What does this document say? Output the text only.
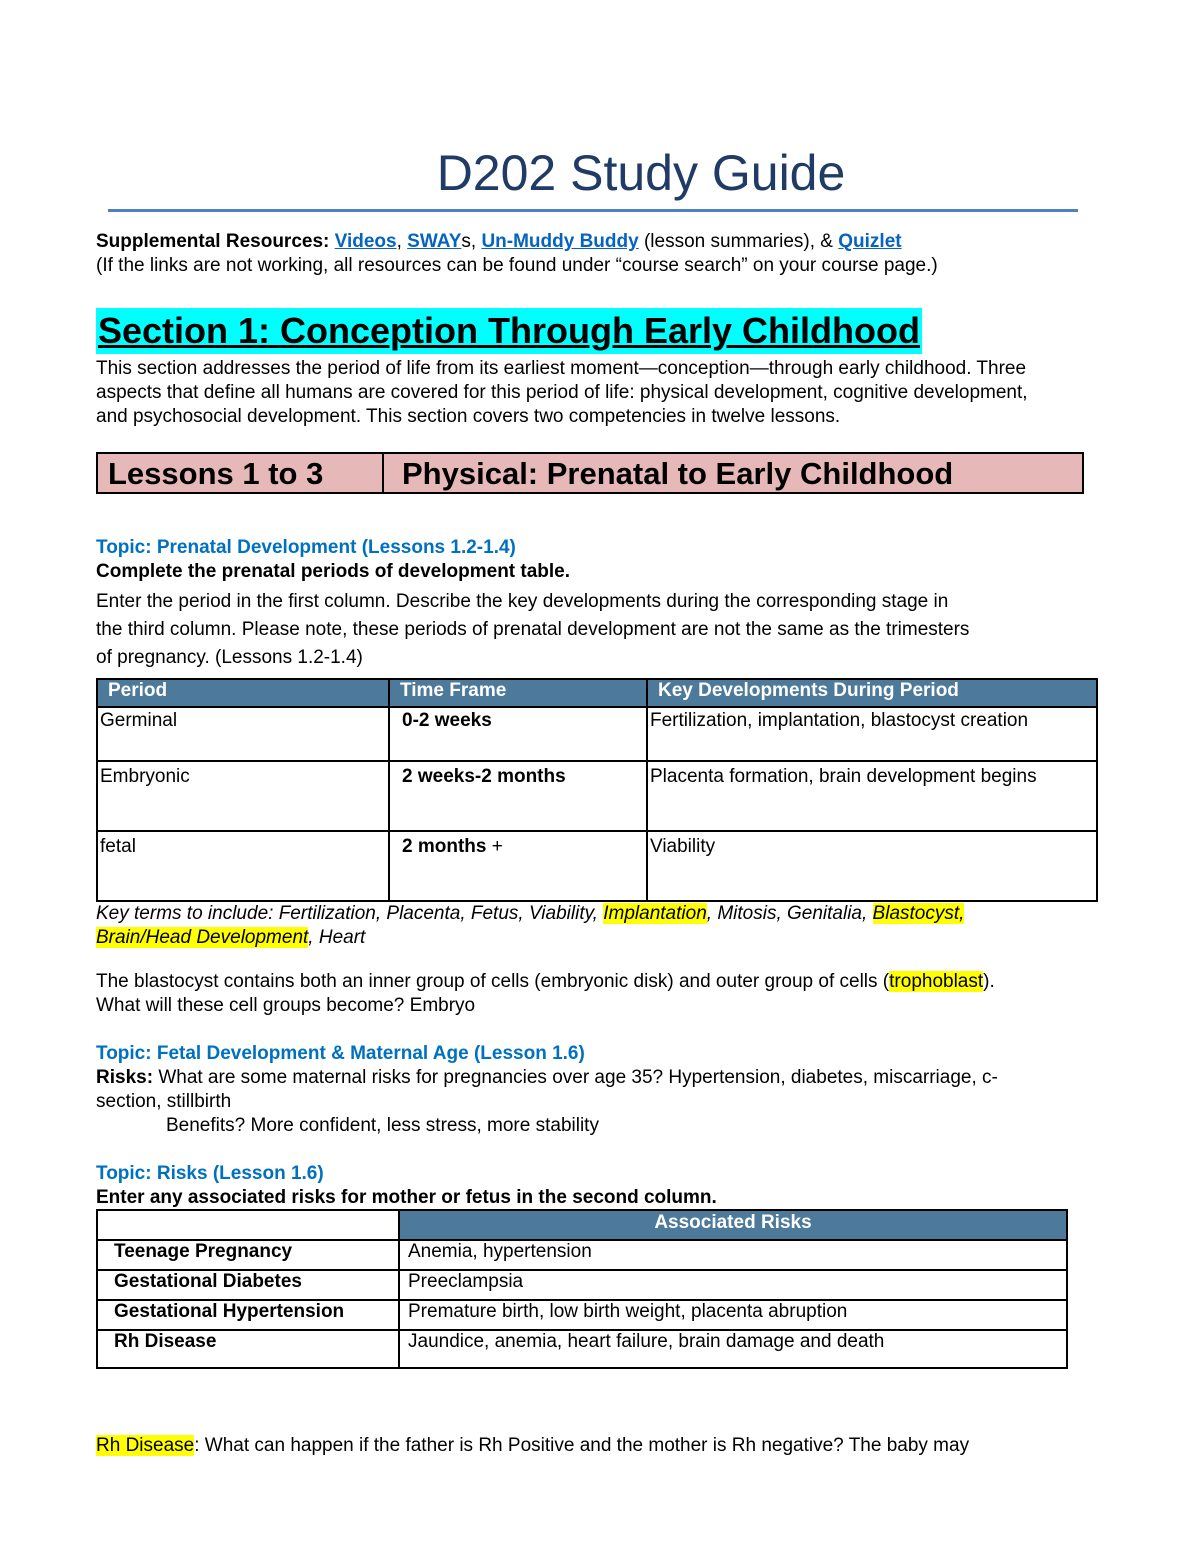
D202 Study Guide
Supplemental Resources: Videos, SWAYs, Un-Muddy Buddy (lesson summaries), & Quizlet
(If the links are not working, all resources can be found under “course search” on your course page.)
Section 1: Conception Through Early Childhood
This section addresses the period of life from its earliest moment—conception—through early childhood. Three
aspects that define all humans are covered for this period of life: physical development, cognitive development,
and psychosocial development. This section covers two competencies in twelve lessons.
Lessons 1 to 3	Physical: Prenatal to Early Childhood
Topic: Prenatal Development (Lessons 1.2-1.4)
Complete the prenatal periods of development table.
Enter the period in the first column. Describe the key developments during the corresponding stage in
the third column. Please note, these periods of prenatal development are not the same as the trimesters
of pregnancy. (Lessons 1.2-1.4)
Period	Time Frame	Key Developments During Period
Germinal	0-2 weeks	Fertilization, implantation, blastocyst creation
Embryonic	2 weeks-2 months	Placenta formation, brain development begins
fetal	2 months +	Viability
Key terms to include: Fertilization, Placenta, Fetus, Viability, Implantation, Mitosis, Genitalia, Blastocyst,
Brain/Head Development, Heart
The blastocyst contains both an inner group of cells (embryonic disk) and outer group of cells (trophoblast).
What will these cell groups become? Embryo
Topic: Fetal Development & Maternal Age (Lesson 1.6)
Risks: What are some maternal risks for pregnancies over age 35? Hypertension, diabetes, miscarriage, c-
section, stillbirth
Benefits? More confident, less stress, more stability
Topic: Risks (Lesson 1.6)
Enter any associated risks for mother or fetus in the second column.
	Associated Risks
Teenage Pregnancy	Anemia, hypertension
Gestational Diabetes	Preeclampsia
Gestational Hypertension	Premature birth, low birth weight, placenta abruption
Rh Disease	Jaundice, anemia, heart failure, brain damage and death
Rh Disease: What can happen if the father is Rh Positive and the mother is Rh negative? The baby may
